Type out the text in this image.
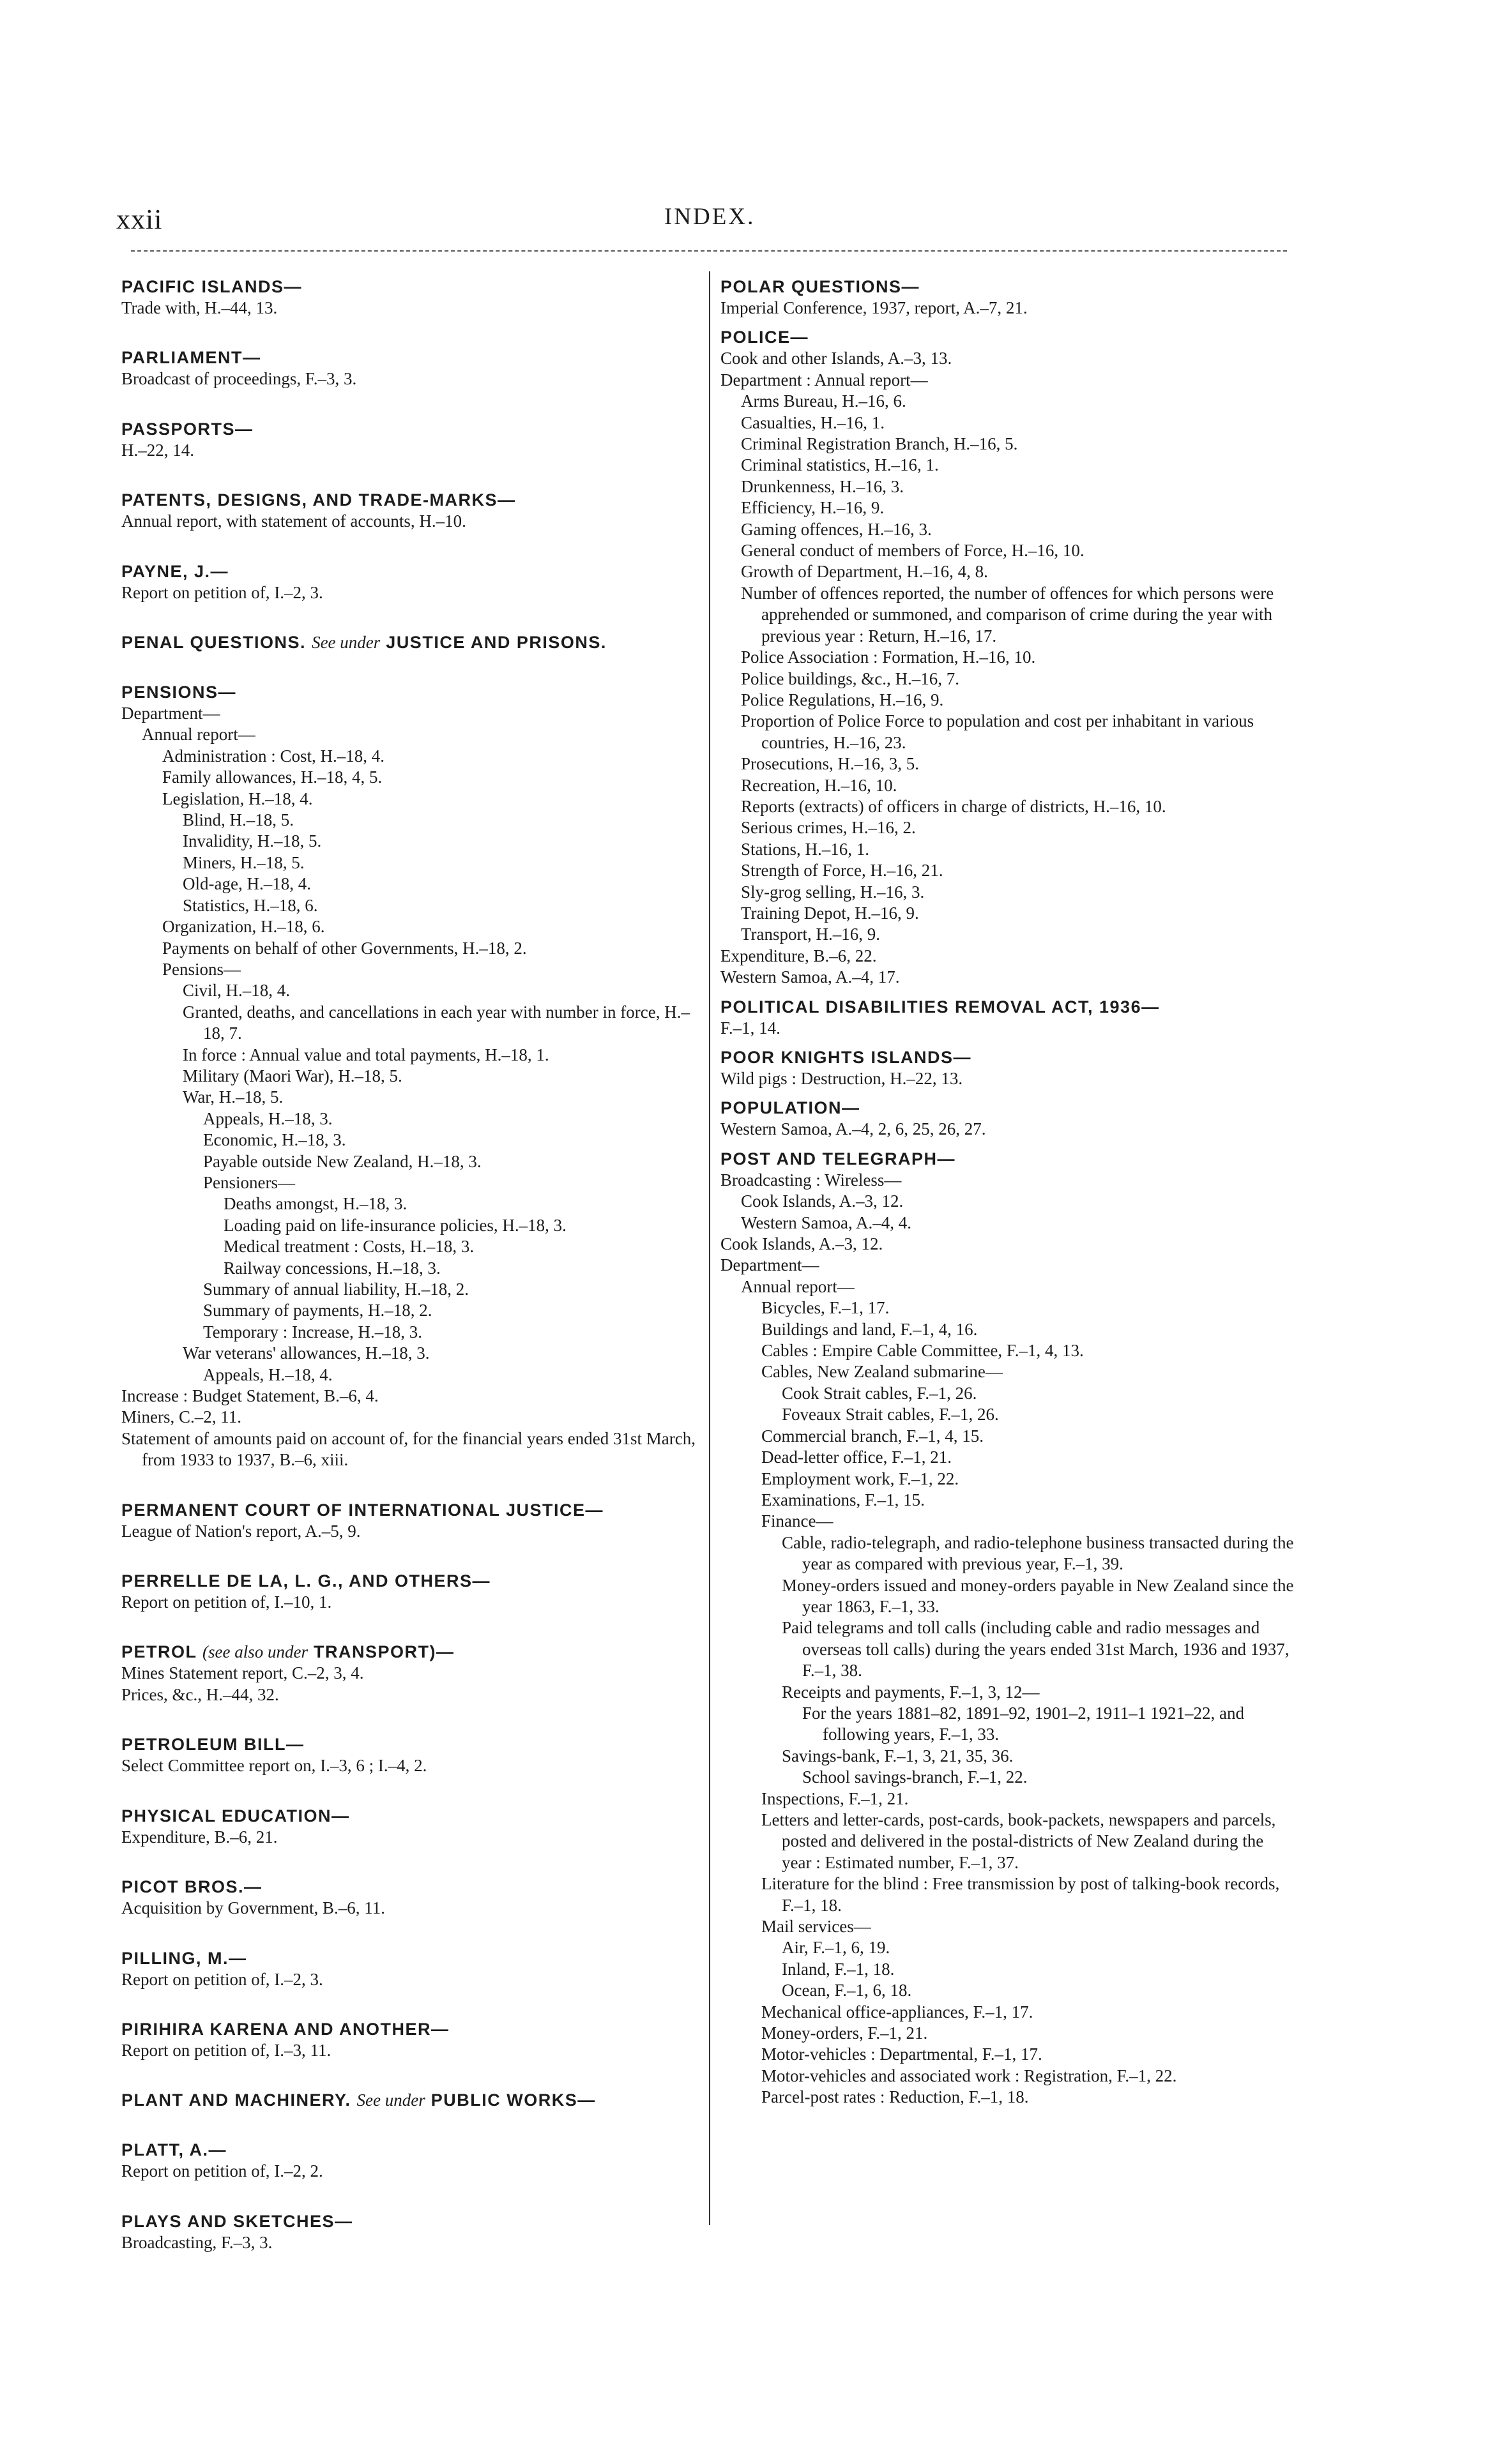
xxii	INDEX.
PACIFIC ISLANDS—
Trade with, H.–44, 13.
PARLIAMENT—
Broadcast of proceedings, F.–3, 3.
PASSPORTS—
H.–22, 14.
PATENTS, DESIGNS, AND TRADE-MARKS—
Annual report, with statement of accounts, H.–10.
PAYNE, J.—
Report on petition of, I.–2, 3.
PENAL QUESTIONS. See under JUSTICE AND PRISONS.
PENSIONS—
Department—
Annual report—
Administration : Cost, H.–18, 4.
Family allowances, H.–18, 4, 5.
Legislation, H.–18, 4.
Blind, H.–18, 5.
Invalidity, H.–18, 5.
Miners, H.–18, 5.
Old-age, H.–18, 4.
Statistics, H.–18, 6.
Organization, H.–18, 6.
Payments on behalf of other Governments, H.–18, 2.
Pensions—
Civil, H.–18, 4.
Granted, deaths, and cancellations in each year with number in force, H.–18, 7.
In force : Annual value and total payments, H.–18, 1.
Military (Maori War), H.–18, 5.
War, H.–18, 5.
Appeals, H.–18, 3.
Economic, H.–18, 3.
Payable outside New Zealand, H.–18, 3.
Pensioners—
Deaths amongst, H.–18, 3.
Loading paid on life-insurance policies, H.–18, 3.
Medical treatment : Costs, H.–18, 3.
Railway concessions, H.–18, 3.
Summary of annual liability, H.–18, 2.
Summary of payments, H.–18, 2.
Temporary : Increase, H.–18, 3.
War veterans' allowances, H.–18, 3.
Appeals, H.–18, 4.
Increase : Budget Statement, B.–6, 4.
Miners, C.–2, 11.
Statement of amounts paid on account of, for the financial years ended 31st March, from 1933 to 1937, B.–6, xiii.
PERMANENT COURT OF INTERNATIONAL JUSTICE—
League of Nation's report, A.–5, 9.
PERRELLE DE LA, L. G., AND OTHERS—
Report on petition of, I.–10, 1.
PETROL (see also under TRANSPORT)—
Mines Statement report, C.–2, 3, 4.
Prices, &c., H.–44, 32.
PETROLEUM BILL—
Select Committee report on, I.–3, 6 ; I.–4, 2.
PHYSICAL EDUCATION—
Expenditure, B.–6, 21.
PICOT BROS.—
Acquisition by Government, B.–6, 11.
PILLING, M.—
Report on petition of, I.–2, 3.
PIRIHIRA KARENA AND ANOTHER—
Report on petition of, I.–3, 11.
PLANT AND MACHINERY. See under PUBLIC WORKS—
PLATT, A.—
Report on petition of, I.–2, 2.
PLAYS AND SKETCHES—
Broadcasting, F.–3, 3.
POLAR QUESTIONS—
Imperial Conference, 1937, report, A.–7, 21.
POLICE—
Cook and other Islands, A.–3, 13.
Department : Annual report—
Arms Bureau, H.–16, 6.
Casualties, H.–16, 1.
Criminal Registration Branch, H.–16, 5.
Criminal statistics, H.–16, 1.
Drunkenness, H.–16, 3.
Efficiency, H.–16, 9.
Gaming offences, H.–16, 3.
General conduct of members of Force, H.–16, 10.
Growth of Department, H.–16, 4, 8.
Number of offences reported, the number of offences for which persons were apprehended or summoned, and comparison of crime during the year with previous year : Return, H.–16, 17.
Police Association : Formation, H.–16, 10.
Police buildings, &c., H.–16, 7.
Police Regulations, H.–16, 9.
Proportion of Police Force to population and cost per inhabitant in various countries, H.–16, 23.
Prosecutions, H.–16, 3, 5.
Recreation, H.–16, 10.
Reports (extracts) of officers in charge of districts, H.–16, 10.
Serious crimes, H.–16, 2.
Stations, H.–16, 1.
Strength of Force, H.–16, 21.
Sly-grog selling, H.–16, 3.
Training Depot, H.–16, 9.
Transport, H.–16, 9.
Expenditure, B.–6, 22.
Western Samoa, A.–4, 17.
POLITICAL DISABILITIES REMOVAL ACT, 1936—
F.–1, 14.
POOR KNIGHTS ISLANDS—
Wild pigs : Destruction, H.–22, 13.
POPULATION—
Western Samoa, A.–4, 2, 6, 25, 26, 27.
POST AND TELEGRAPH—
Broadcasting : Wireless—
Cook Islands, A.–3, 12.
Western Samoa, A.–4, 4.
Cook Islands, A.–3, 12.
Department—
Annual report—
Bicycles, F.–1, 17.
Buildings and land, F.–1, 4, 16.
Cables : Empire Cable Committee, F.–1, 4, 13.
Cables, New Zealand submarine—
Cook Strait cables, F.–1, 26.
Foveaux Strait cables, F.–1, 26.
Commercial branch, F.–1, 4, 15.
Dead-letter office, F.–1, 21.
Employment work, F.–1, 22.
Examinations, F.–1, 15.
Finance—
Cable, radio-telegraph, and radio-telephone business transacted during the year as compared with previous year, F.–1, 39.
Money-orders issued and money-orders payable in New Zealand since the year 1863, F.–1, 33.
Paid telegrams and toll calls (including cable and radio messages and overseas toll calls) during the years ended 31st March, 1936 and 1937, F.–1, 38.
Receipts and payments, F.–1, 3, 12—
For the years 1881–82, 1891–92, 1901–2, 1911–1 1921–22, and following years, F.–1, 33.
Savings-bank, F.–1, 3, 21, 35, 36.
School savings-branch, F.–1, 22.
Inspections, F.–1, 21.
Letters and letter-cards, post-cards, book-packets, newspapers and parcels, posted and delivered in the postal-districts of New Zealand during the year : Estimated number, F.–1, 37.
Literature for the blind : Free transmission by post of talking-book records, F.–1, 18.
Mail services—
Air, F.–1, 6, 19.
Inland, F.–1, 18.
Ocean, F.–1, 6, 18.
Mechanical office-appliances, F.–1, 17.
Money-orders, F.–1, 21.
Motor-vehicles : Departmental, F.–1, 17.
Motor-vehicles and associated work : Registration, F.–1, 22.
Parcel-post rates : Reduction, F.–1, 18.
